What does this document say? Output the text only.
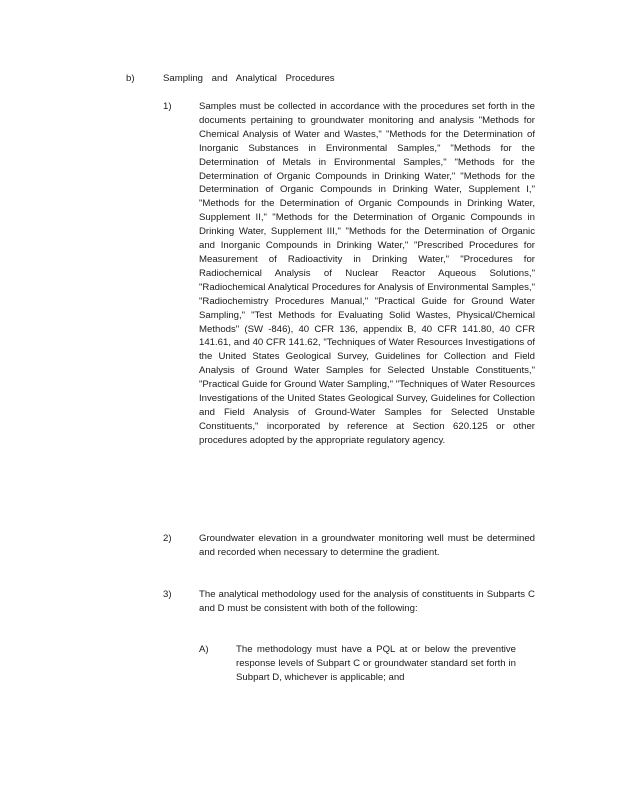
b)	Sampling and Analytical Procedures
1)	Samples must be collected in accordance with the procedures set forth in the documents pertaining to groundwater monitoring and analysis "Methods for Chemical Analysis of Water and Wastes," "Methods for the Determination of Inorganic Substances in Environmental Samples," "Methods for the Determination of Metals in Environmental Samples," "Methods for the Determination of Organic Compounds in Drinking Water," "Methods for the Determination of Organic Compounds in Drinking Water, Supplement I," "Methods for the Determination of Organic Compounds in Drinking Water, Supplement II," "Methods for the Determination of Organic Compounds in Drinking Water, Supplement III," "Methods for the Determination of Organic and Inorganic Compounds in Drinking Water," "Prescribed Procedures for Measurement of Radioactivity in Drinking Water," "Procedures for Radiochemical Analysis of Nuclear Reactor Aqueous Solutions," "Radiochemical Analytical Procedures for Analysis of Environmental Samples," "Radiochemistry Procedures Manual," "Practical Guide for Ground Water Sampling," "Test Methods for Evaluating Solid Wastes, Physical/Chemical Methods" (SW -846), 40 CFR 136, appendix B, 40 CFR 141.80, 40 CFR 141.61, and 40 CFR 141.62, "Techniques of Water Resources Investigations of the United States Geological Survey, Guidelines for Collection and Field Analysis of Ground Water Samples for Selected Unstable Constituents," "Practical Guide for Ground Water Sampling," "Techniques of Water Resources Investigations of the United States Geological Survey, Guidelines for Collection and Field Analysis of Ground-Water Samples for Selected Unstable Constituents," incorporated by reference at Section 620.125 or other procedures adopted by the appropriate regulatory agency.
2)	Groundwater elevation in a groundwater monitoring well must be determined and recorded when necessary to determine the gradient.
3)	The analytical methodology used for the analysis of constituents in Subparts C and D must be consistent with both of the following:
A)	The methodology must have a PQL at or below the preventive response levels of Subpart C or groundwater standard set forth in Subpart D, whichever is applicable; and
